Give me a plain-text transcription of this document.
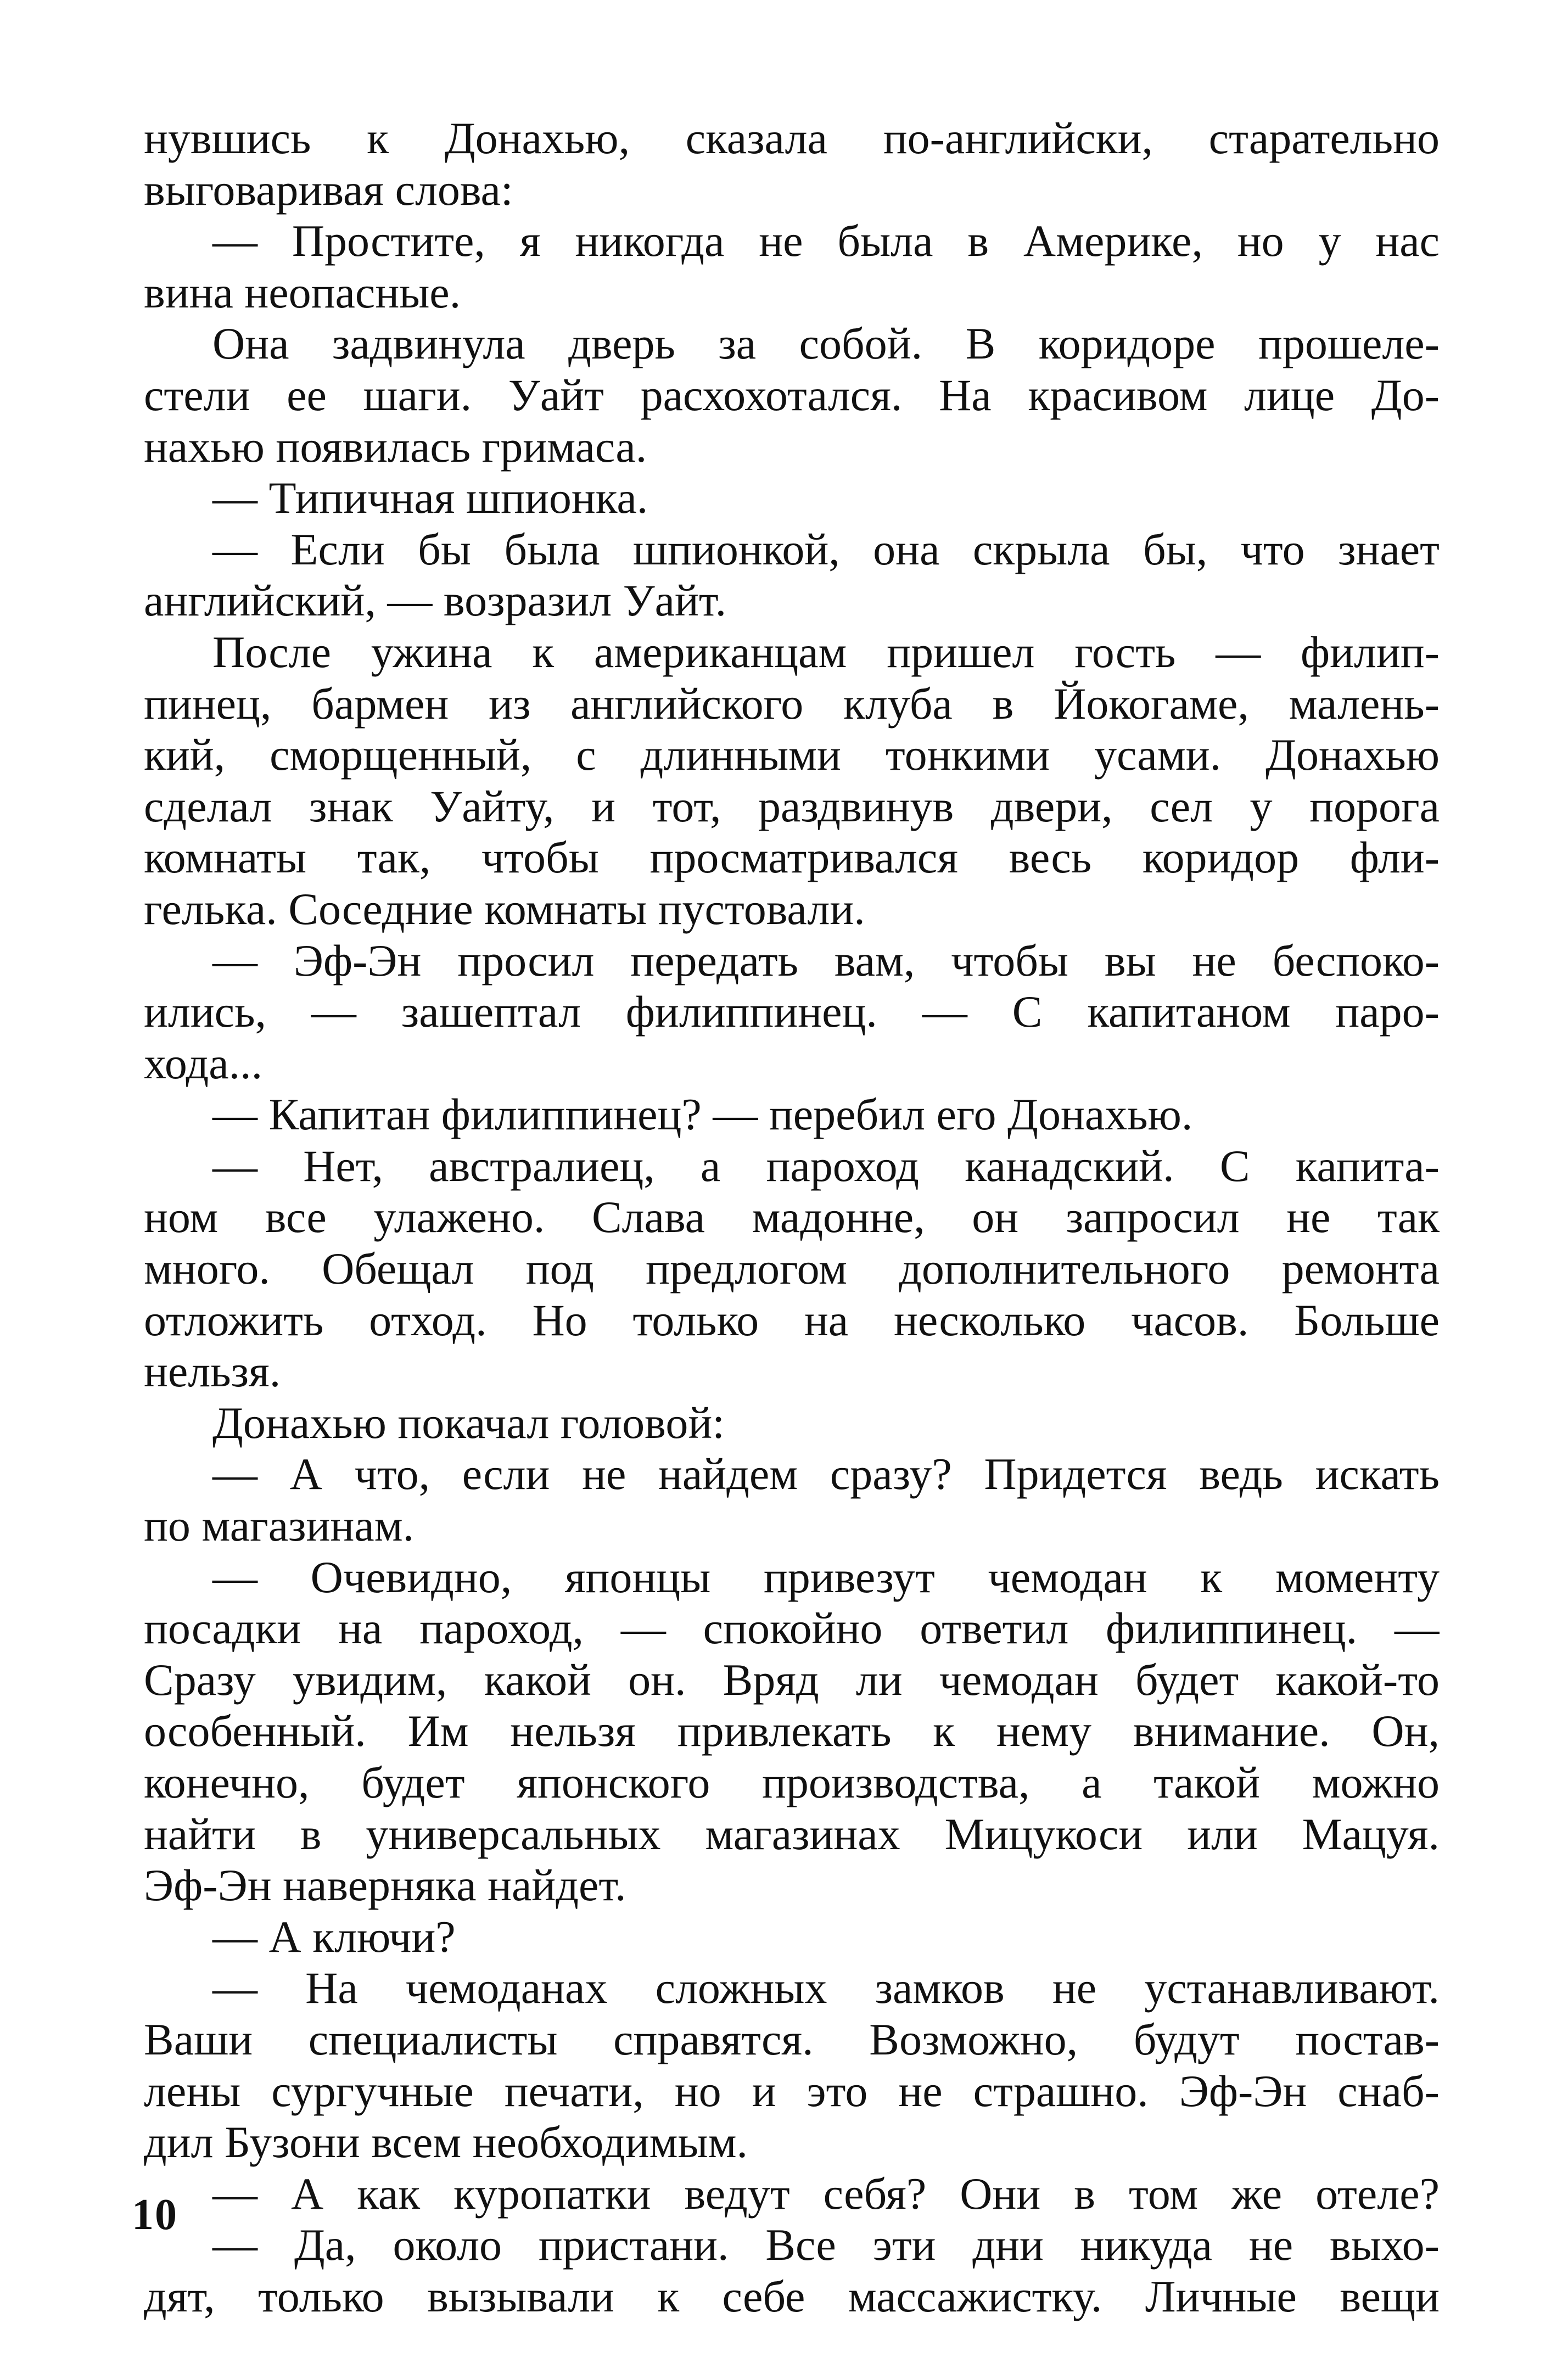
нувшись к Донахью, сказала по-английски, старательно
выговаривая слова:
— Простите, я никогда не была в Америке, но у нас
вина неопасные.
Она задвинула дверь за собой. В коридоре прошеле-
стели ее шаги. Уайт расхохотался. На красивом лице До-
нахью появилась гримаса.
— Типичная шпионка.
— Если бы была шпионкой, она скрыла бы, что знает
английский, — возразил Уайт.
После ужина к американцам пришел гость — филип-
пинец, бармен из английского клуба в Йокогаме, малень-
кий, сморщенный, с длинными тонкими усами. Донахью
сделал знак Уайту, и тот, раздвинув двери, сел у порога
комнаты так, чтобы просматривался весь коридор фли-
гелька. Соседние комнаты пустовали.
— Эф-Эн просил передать вам, чтобы вы не беспоко-
ились, — зашептал филиппинец. — С капитаном паро-
хода...
— Капитан филиппинец? — перебил его Донахью.
— Нет, австралиец, а пароход канадский. С капита-
ном все улажено. Слава мадонне, он запросил не так
много. Обещал под предлогом дополнительного ремонта
отложить отход. Но только на несколько часов. Больше
нельзя.
Донахью покачал головой:
— А что, если не найдем сразу? Придется ведь искать
по магазинам.
— Очевидно, японцы привезут чемодан к моменту
посадки на пароход, — спокойно ответил филиппинец. —
Сразу увидим, какой он. Вряд ли чемодан будет какой-то
особенный. Им нельзя привлекать к нему внимание. Он,
конечно, будет японского производства, а такой можно
найти в универсальных магазинах Мицукоси или Мацуя.
Эф-Эн наверняка найдет.
— А ключи?
— На чемоданах сложных замков не устанавливают.
Ваши специалисты справятся. Возможно, будут постав-
лены сургучные печати, но и это не страшно. Эф-Эн снаб-
дил Бузони всем необходимым.
— А как куропатки ведут себя? Они в том же отеле?
— Да, около пристани. Все эти дни никуда не выхо-
дят, только вызывали к себе массажистку. Личные вещи
10
